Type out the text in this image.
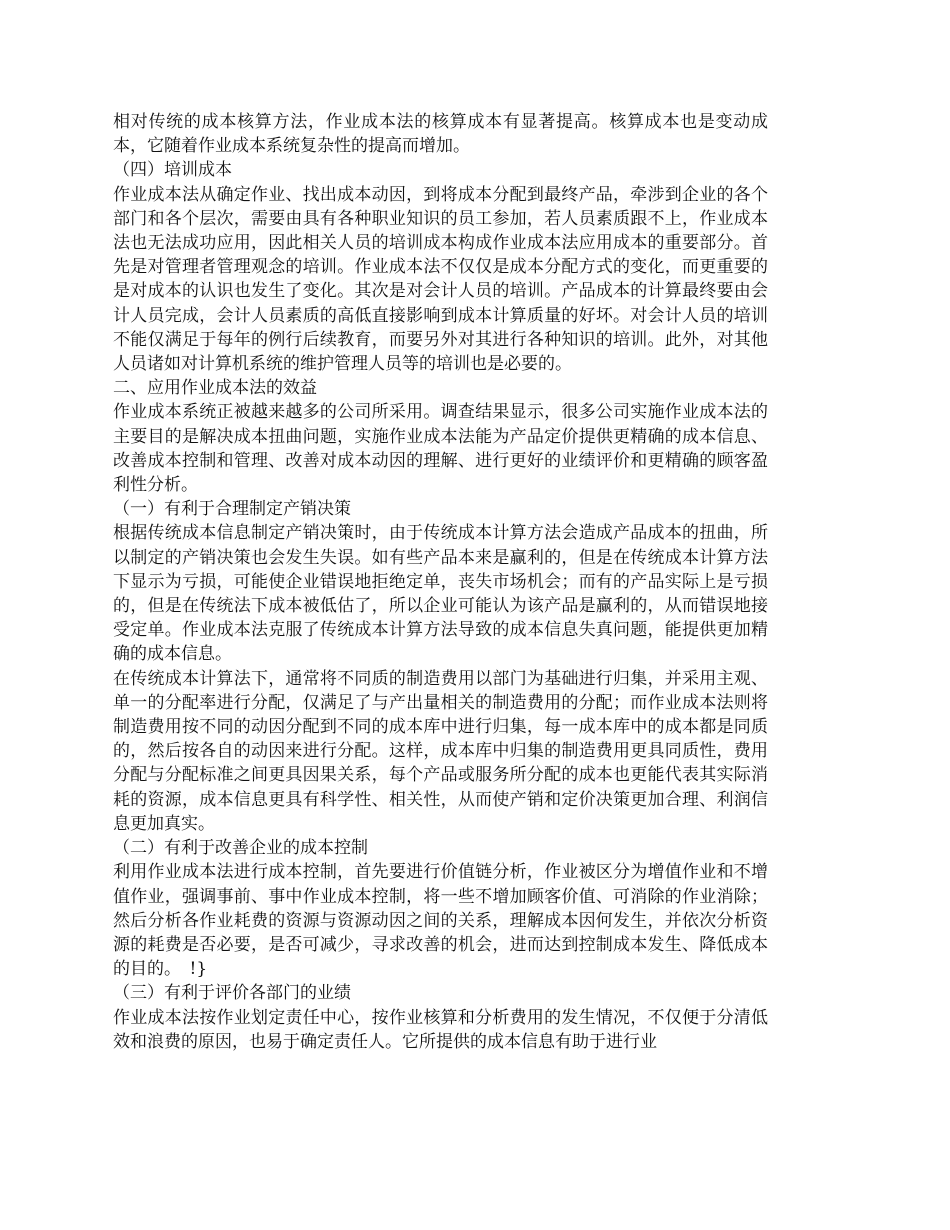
相对传统的成本核算方法，作业成本法的核算成本有显著提高。核算成本也是变动成本，它随着作业成本系统复杂性的提高而增加。

（四）培训成本

作业成本法从确定作业、找出成本动因，到将成本分配到最终产品，牵涉到企业的各个部门和各个层次，需要由具有各种职业知识的员工参加，若人员素质跟不上，作业成本法也无法成功应用，因此相关人员的培训成本构成作业成本法应用成本的重要部分。首先是对管理者管理观念的培训。作业成本法不仅仅是成本分配方式的变化，而更重要的是对成本的认识也发生了变化。其次是对会计人员的培训。产品成本的计算最终要由会计人员完成，会计人员素质的高低直接影响到成本计算质量的好坏。对会计人员的培训不能仅满足于每年的例行后续教育，而要另外对其进行各种知识的培训。此外，对其他人员诸如对计算机系统的维护管理人员等的培训也是必要的。

二、应用作业成本法的效益

作业成本系统正被越来越多的公司所采用。调查结果显示，很多公司实施作业成本法的主要目的是解决成本扭曲问题，实施作业成本法能为产品定价提供更精确的成本信息、改善成本控制和管理、改善对成本动因的理解、进行更好的业绩评价和更精确的顾客盈利性分析。

（一）有利于合理制定产销决策

根据传统成本信息制定产销决策时，由于传统成本计算方法会造成产品成本的扭曲，所以制定的产销决策也会发生失误。如有些产品本来是赢利的，但是在传统成本计算方法下显示为亏损，可能使企业错误地拒绝定单，丧失市场机会；而有的产品实际上是亏损的，但是在传统法下成本被低估了，所以企业可能认为该产品是赢利的，从而错误地接受定单。作业成本法克服了传统成本计算方法导致的成本信息失真问题，能提供更加精确的成本信息。

在传统成本计算法下，通常将不同质的制造费用以部门为基础进行归集，并采用主观、单一的分配率进行分配，仅满足了与产出量相关的制造费用的分配；而作业成本法则将制造费用按不同的动因分配到不同的成本库中进行归集，每一成本库中的成本都是同质的，然后按各自的动因来进行分配。这样，成本库中归集的制造费用更具同质性，费用分配与分配标准之间更具因果关系，每个产品或服务所分配的成本也更能代表其实际消耗的资源，成本信息更具有科学性、相关性，从而使产销和定价决策更加合理、利润信息更加真实。

（二）有利于改善企业的成本控制

利用作业成本法进行成本控制，首先要进行价值链分析，作业被区分为增值作业和不增值作业，强调事前、事中作业成本控制，将一些不增加顾客价值、可消除的作业消除；然后分析各作业耗费的资源与资源动因之间的关系，理解成本因何发生，并依次分析资源的耗费是否必要，是否可减少，寻求改善的机会，进而达到控制成本发生、降低成本的目的。　!}

（三）有利于评价各部门的业绩

作业成本法按作业划定责任中心，按作业核算和分析费用的发生情况，不仅便于分清低效和浪费的原因，也易于确定责任人。它所提供的成本信息有助于进行业
